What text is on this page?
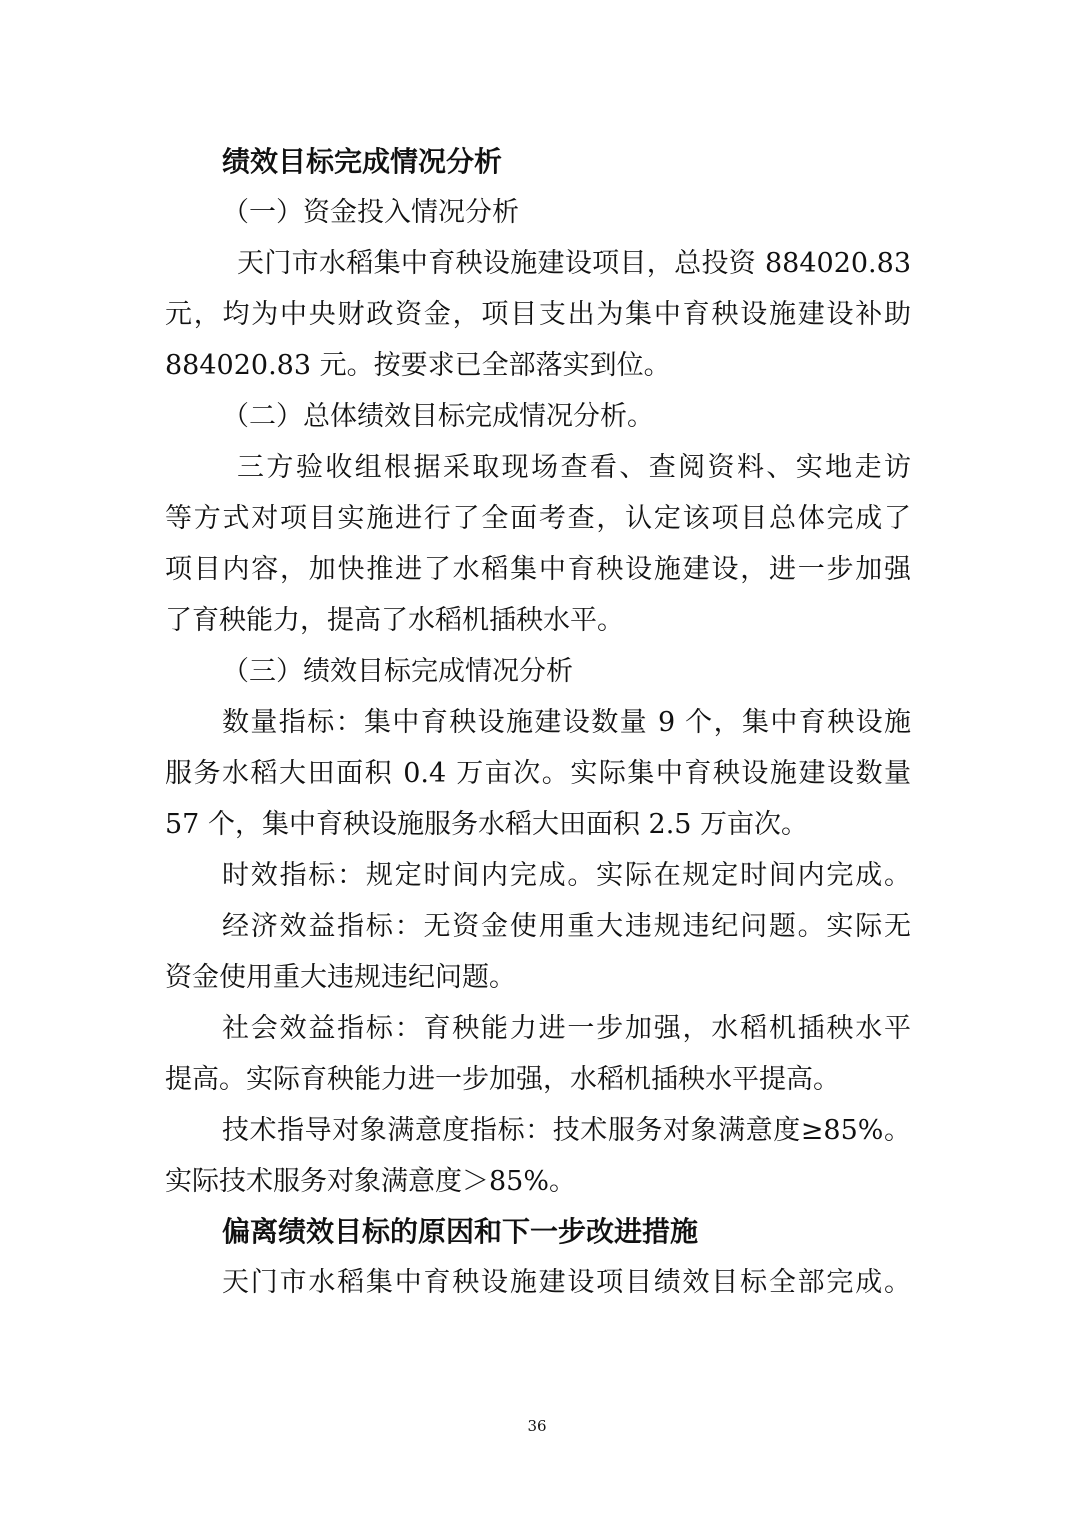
绩效目标完成情况分析

（一）资金投入情况分析

天门市水稻集中育秧设施建设项目，总投资 884020.83

元，均为中央财政资金，项目支出为集中育秧设施建设补助

884020.83 元。按要求已全部落实到位。

（二）总体绩效目标完成情况分析。

三方验收组根据采取现场查看、查阅资料、实地走访

等方式对项目实施进行了全面考查，认定该项目总体完成了

项目内容，加快推进了水稻集中育秧设施建设，进一步加强

了育秧能力，提高了水稻机插秧水平。

（三）绩效目标完成情况分析

数量指标：集中育秧设施建设数量 9 个，集中育秧设施

服务水稻大田面积 0.4 万亩次。实际集中育秧设施建设数量

57 个，集中育秧设施服务水稻大田面积 2.5 万亩次。

时效指标：规定时间内完成。实际在规定时间内完成。

经济效益指标：无资金使用重大违规违纪问题。实际无

资金使用重大违规违纪问题。

社会效益指标：育秧能力进一步加强，水稻机插秧水平

提高。实际育秧能力进一步加强，水稻机插秧水平提高。

技术指导对象满意度指标：技术服务对象满意度≥85%。

实际技术服务对象满意度＞85%。

偏离绩效目标的原因和下一步改进措施

天门市水稻集中育秧设施建设项目绩效目标全部完成。

36
